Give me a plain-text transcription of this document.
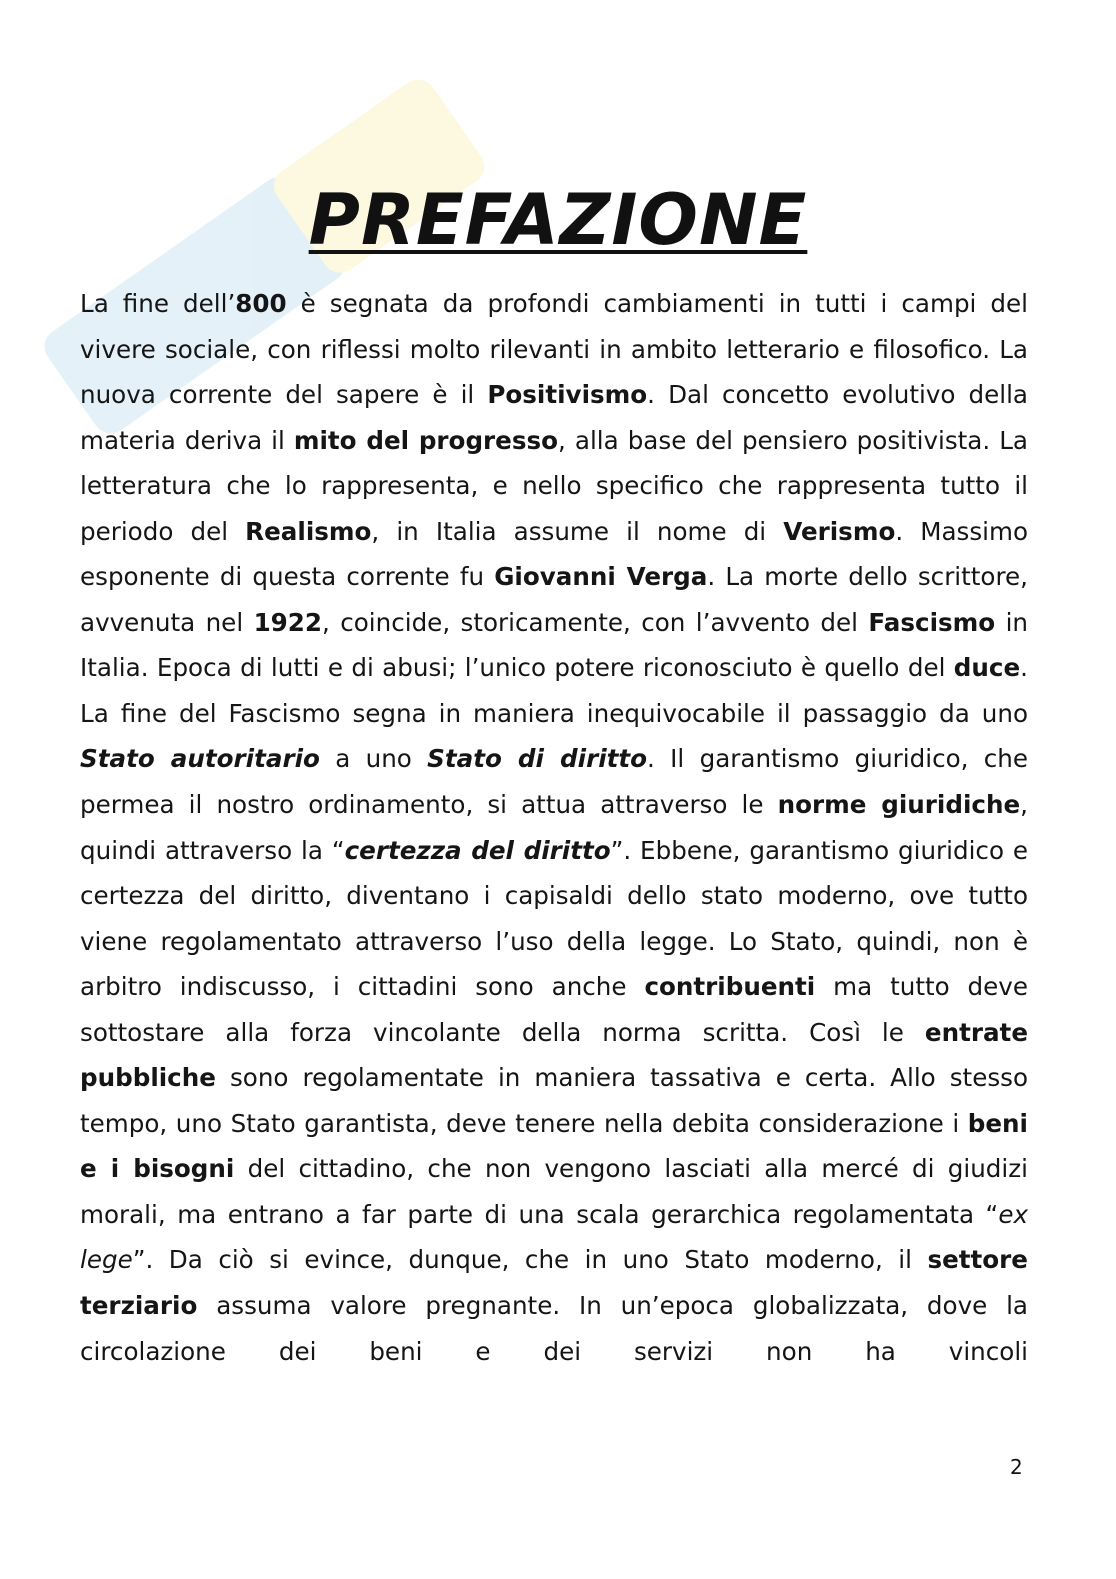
PREFAZIONE

La fine dell’800 è segnata da profondi cambiamenti in tutti i campi del vivere sociale, con riflessi molto rilevanti in ambito letterario e filosofico. La nuova corrente del sapere è il Positivismo. Dal concetto evolutivo della materia deriva il mito del progresso, alla base del pensiero positivista. La letteratura che lo rappresenta, e nello specifico che rappresenta tutto il periodo del Realismo, in Italia assume il nome di Verismo. Massimo esponente di questa corrente fu Giovanni Verga. La morte dello scrittore, avvenuta nel 1922, coincide, storicamente, con l’avvento del Fascismo in Italia. Epoca di lutti e di abusi; l’unico potere riconosciuto è quello del duce. La fine del Fascismo segna in maniera inequivocabile il passaggio da uno Stato autoritario a uno Stato di diritto. Il garantismo giuridico, che permea il nostro ordinamento, si attua attraverso le norme giuridiche, quindi attraverso la “certezza del diritto”. Ebbene, garantismo giuridico e certezza del diritto, diventano i capisaldi dello stato moderno, ove tutto viene regolamentato attraverso l’uso della legge. Lo Stato, quindi, non è arbitro indiscusso, i cittadini sono anche contribuenti ma tutto deve sottostare alla forza vincolante della norma scritta. Così le entrate pubbliche sono regolamentate in maniera tassativa e certa. Allo stesso tempo, uno Stato garantista, deve tenere nella debita considerazione i beni e i bisogni del cittadino, che non vengono lasciati alla mercé di giudizi morali, ma entrano a far parte di una scala gerarchica regolamentata “ex lege”. Da ciò si evince, dunque, che in uno Stato moderno, il settore terziario assuma valore pregnante. In un’epoca globalizzata, dove la circolazione dei beni e dei servizi non ha vincoli

2
